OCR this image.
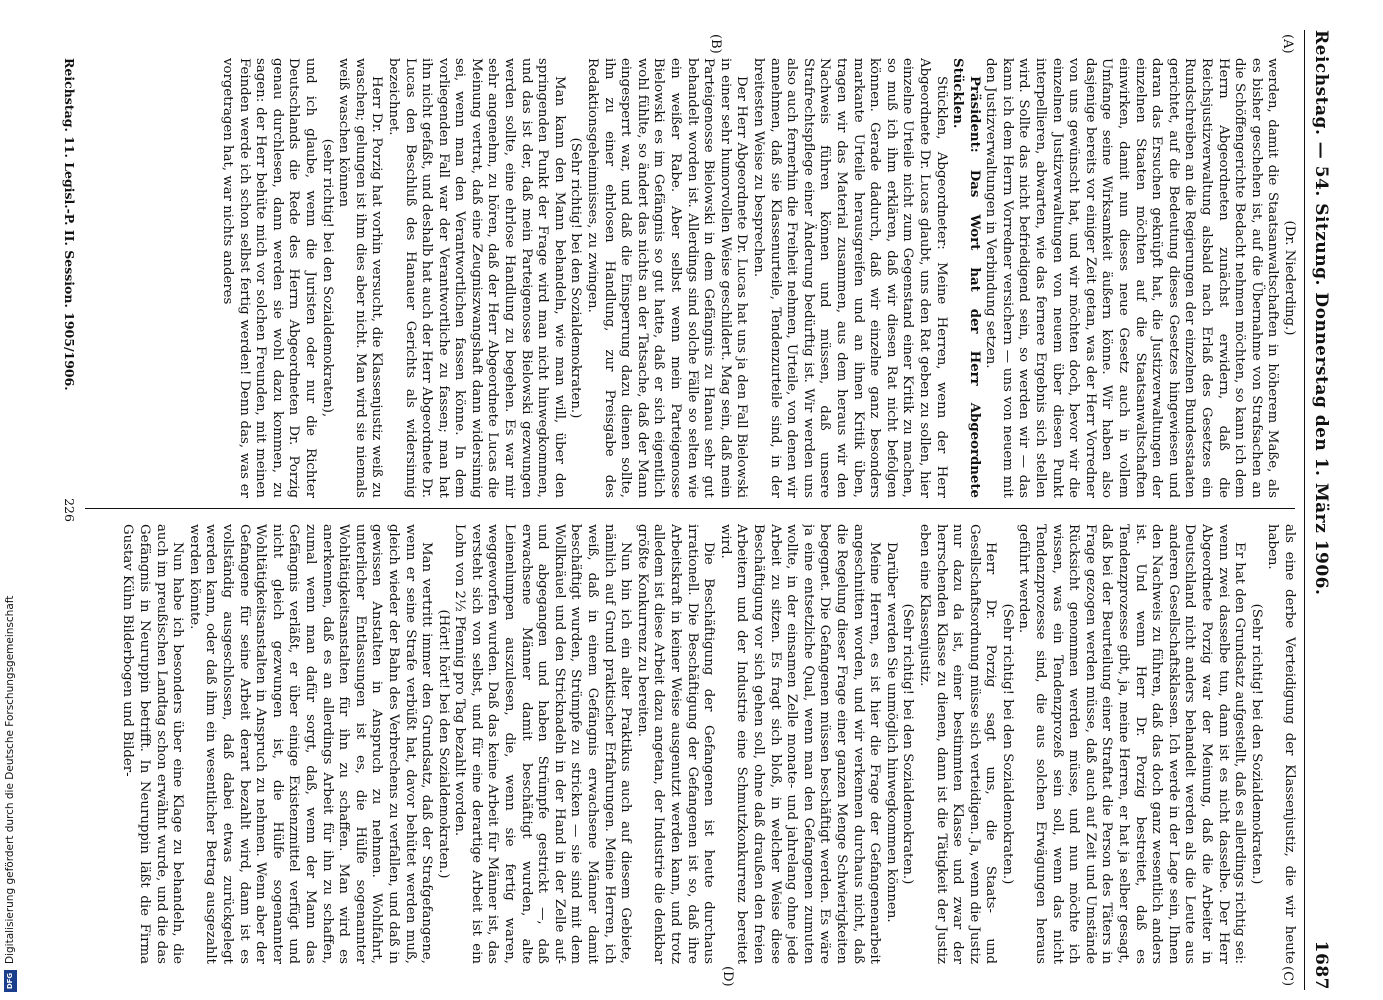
Reichstag. — 54. Sitzung. Donnerstag den 1. März 1906.
1687
(A)
(B)
(C)
(D)

(Dr. Niederding.)

werden, damit die Staatsanwaltschaften in höherem Maße, als es bisher geschehen ist, auf die Übernahme von Strafsachen an die Schöffengerichte Bedacht nehmen möchten, so kann ich dem Herrn Abgeordneten zunächst erwidern, daß die Reichsjustizverwaltung alsbald nach Erlaß des Gesetzes ein Rundschreiben an die Regierungen der einzelnen Bundesstaaten gerichtet, auf die Bedeutung dieses Gesetzes hingewiesen und daran das Ersuchen geknüpft hat, die Justizverwaltungen der einzelnen Staaten möchten auf die Staatsanwaltschaften einwirken, damit nun dieses neue Gesetz auch in vollem Umfange seine Wirksamkeit äußern könne. Wir haben also dasjenige bereits vor einiger Zeit getan, was der Herr Vorredner von uns gewünscht hat, und wir möchten doch, bevor wir die einzelnen Justizverwaltungen von neuem über diesen Punkt interpellieren, abwarten, wie das fernere Ergebnis sich stellen wird. Sollte das nicht befriedigend sein, so werden wir — das kann ich dem Herrn Vorredner versichern — uns von neuem mit den Justizverwaltungen in Verbindung setzen.

Präsident: Das Wort hat der Herr Abgeordnete Stücklen.

Stücklen, Abgeordneter: Meine Herren, wenn der Herr Abgeordnete Dr. Lucas glaubt, uns den Rat geben zu sollen, hier einzelne Urteile nicht zum Gegenstand einer Kritik zu machen, so muß ich ihm erklären, daß wir diesen Rat nicht befolgen können. Gerade dadurch, daß wir einzelne ganz besonders markante Urteile herausgreifen und an ihnen Kritik üben, tragen wir das Material zusammen, aus dem heraus wir den Nachweis führen können und müssen, daß unsere Strafrechtspflege einer Änderung bedürftig ist. Wir werden uns also auch fernerhin die Freiheit nehmen, Urteile, von denen wir annehmen, daß sie Klassenurteile, Tendenzurteile sind, in der breitesten Weise zu besprechen.

Der Herr Abgeordnete Dr. Lucas hat uns ja den Fall Bielowski in einer sehr humorvollen Weise geschildert. Mag sein, daß mein Parteigenosse Bielowski in dem Gefängnis zu Hanau sehr gut behandelt worden ist. Allerdings sind solche Fälle so selten wie ein weißer Rabe. Aber selbst wenn mein Parteigenosse Bielowski es im Gefängnis so gut hatte, daß er sich eigentlich wohl fühlte, so ändert das nichts an der Tatsache, daß der Mann eingesperrt war, und daß die Einsperrung dazu dienen sollte, ihn zu einer ehrlosen Handlung, zur Preisgabe des Redaktionsgeheimnisses, zu zwingen.

(Sehr richtig! bei den Sozialdemokraten.)

Man kann den Mann behandeln, wie man will, über den springenden Punkt der Frage wird man nicht hinwegkommen, und das ist der, daß mein Parteigenosse Bielowski gezwungen werden sollte, eine ehrlose Handlung zu begehen. Es war mir sehr angenehm, zu hören, daß der Herr Abgeordnete Lucas die Meinung vertrat, daß eine Zeugniszwangshaft dann widersinnig sei, wenn man den Verantwortlichen fassen könne. In dem vorliegenden Fall war der Verantwortliche zu fassen; man hat ihn nicht gefaßt, und deshalb hat auch der Herr Abgeordnete Dr. Lucas den Beschluß des Hanauer Gerichts als widersinnig bezeichnet.

Herr Dr. Porzig hat vorhin versucht, die Klassenjustiz weiß zu waschen; gelungen ist ihm dies aber nicht. Man wird sie niemals weiß waschen können

(sehr richtig! bei den Sozialdemokraten),

und ich glaube, wenn die Juristen oder nur die Richter Deutschlands die Rede des Herrn Abgeordneten Dr. Porzig genau durchlesen, dann werden sie wohl dazu kommen, zu sagen: der Herr behüte mich vor solchen Freunden, mit meinen Feinden werde ich schon selbst fertig werden! Denn das, was er vorgetragen hat, war nichts anderes

als eine derbe Verteidigung der Klassenjustiz, die wir heute haben.

(Sehr richtig! bei den Sozialdemokraten.)

Er hat den Grundsatz aufgestellt, daß es allerdings richtig sei: wenn zwei dasselbe tun, dann ist es nicht dasselbe. Der Herr Abgeordnete Porzig war der Meinung, daß die Arbeiter in Deutschland nicht anders behandelt werden als die Leute aus anderen Gesellschaftsklassen. Ich werde in der Lage sein, Ihnen den Nachweis zu führen, daß das doch ganz wesentlich anders ist. Und wenn Herr Dr. Porzig bestreitet, daß es Tendenzprozesse gibt, ja, meine Herren, er hat ja selber gesagt, daß bei der Beurteilung einer Straftat die Person des Täters in Frage gezogen werden müsse, daß auch auf Zeit und Umstände Rücksicht genommen werden müsse, und nun möchte ich wissen, was ein Tendenzprozeß sein soll, wenn das nicht Tendenzprozesse sind, die aus solchen Erwägungen heraus geführt werden.

(Sehr richtig! bei den Sozialdemokraten.)

Herr Dr. Porzig sagt uns, die Staats- und Gesellschaftsordnung müsse sich verteidigen. Ja, wenn die Justiz nur dazu da ist, einer bestimmten Klasse und zwar der herrschenden Klasse zu dienen, dann ist die Tätigkeit der Justiz eben eine Klassenjustiz.

(Sehr richtig! bei den Sozialdemokraten.)

Darüber werden Sie unmöglich hinwegkommen können.

Meine Herren, es ist hier die Frage der Gefangenenarbeit angeschnitten worden, und wir verkennen durchaus nicht, daß die Regelung dieser Frage einer ganzen Menge Schwierigkeiten begegnet. Die Gefangenen müssen beschäftigt werden. Es wäre ja eine entsetzliche Qual, wenn man den Gefangenen zumuten wollte, in der einsamen Zelle monate- und jahrelang ohne jede Arbeit zu sitzen. Es fragt sich bloß, in welcher Weise diese Beschäftigung vor sich gehen soll, ohne daß draußen den freien Arbeitern und der Industrie eine Schmutzkonkurrenz bereitet wird.

Die Beschäftigung der Gefangenen ist heute durchaus irrationell. Die Beschäftigung der Gefangenen ist so, daß ihre Arbeitskraft in keiner Weise ausgenutzt werden kann, und trotz alledem ist diese Arbeit dazu angetan, der Industrie die denkbar größte Konkurrenz zu bereiten.

Nun bin ich ein alter Praktikus auch auf diesem Gebiete, nämlich auf Grund praktischer Erfahrungen. Meine Herren, ich weiß, daß in einem Gefängnis erwachsene Männer damit beschäftigt wurden, Strümpfe zu stricken — sie sind mit dem Wollknäuel und den Stricknadeln in der Hand in der Zelle auf- und abgegangen und haben Strümpfe gestrickt —, daß erwachsene Männer damit beschäftigt wurden, alte Leinenlumpen auszulesen, die, wenn sie fertig waren, weggeworfen wurden. Daß das keine Arbeit für Männer ist, das versteht sich von selbst, und für eine derartige Arbeit ist ein Lohn von 2½ Pfennig pro Tag bezahlt worden.

(Hört! hört! bei den Sozialdemokraten.)

Man vertritt immer den Grundsatz, daß der Strafgefangene, wenn er seine Strafe verbüßt hat, davor behütet werden muß, gleich wieder der Bahn des Verbrechens zu verfallen, und daß in gewissen Anstalten in Anspruch zu nehmen. Wohlfahrt, unterlicher Entlassungen ist es, die Hülfe sogenannter Wohltätigkeitsanstalten für ihn zu schaffen. Man wird es anerkennen, daß es an allerdings Arbeit für ihn zu schaffen, zumal wenn man dafür sorgt, daß, wenn der Mann das Gefängnis verläßt, er über einige Existenzmittel verfügt und nicht gleich gezwungen ist, die Hülfe sogenannter Wohltätigkeitsanstalten in Anspruch zu nehmen. Wenn aber der Gefangene für seine Arbeit derart bezahlt wird, dann ist es vollständig ausgeschlossen, daß dabei etwas zurückgelegt werden kann, oder daß ihm ein wesentlicher Betrag ausgezahlt werden könnte.

Nun habe ich besonders über eine Klage zu behandeln, die auch im preußischen Landtag schon erwähnt wurde, und die das Gefängnis in Neuruppin betrifft. In Neuruppin läßt die Firma Gustav Kühn Bilderbogen und Bilder-

Reichstag. 11. Legisl.-P. II. Session. 1905/1906.
226
DFG
Digitalisierung gefördert durch die Deutsche Forschungsgemeinschaft
